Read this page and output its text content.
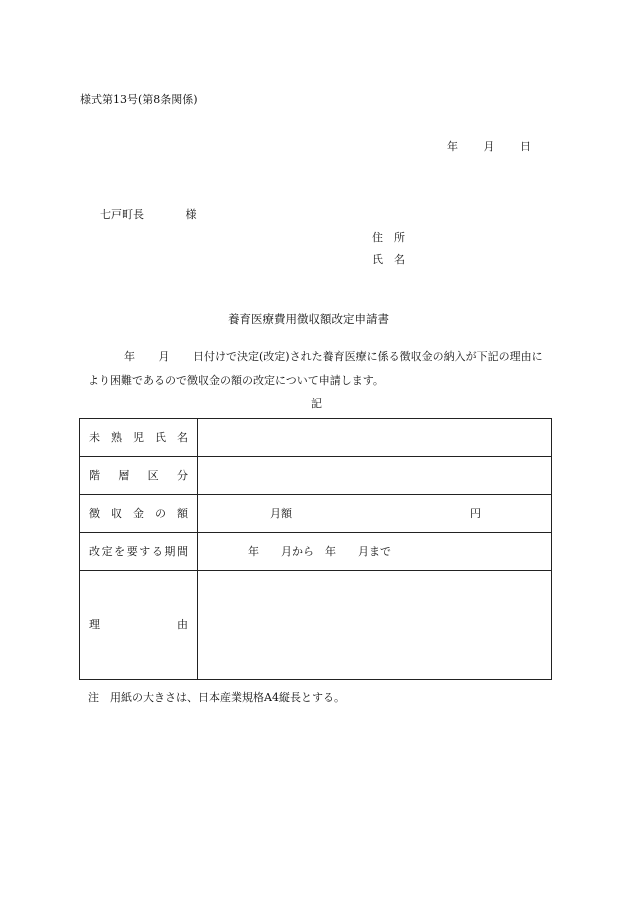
様式第13号(第8条関係)
年 月 日
七戸町長	様
住　所
氏　名
養育医療費用徴収額改定申請書
年 月 日付けで決定(改定)された養育医療に係る徴収金の納入が下記の理由に
より困難であるので徴収金の額の改定について申請します。
記
未 熟 児 氏 名
階 層 区 分
徴 収 金 の 額	月額	円
改 定 を 要 す る 期 間	年　　月から　年　　月まで
理	由
注　用紙の大きさは、日本産業規格A4縦長とする。
